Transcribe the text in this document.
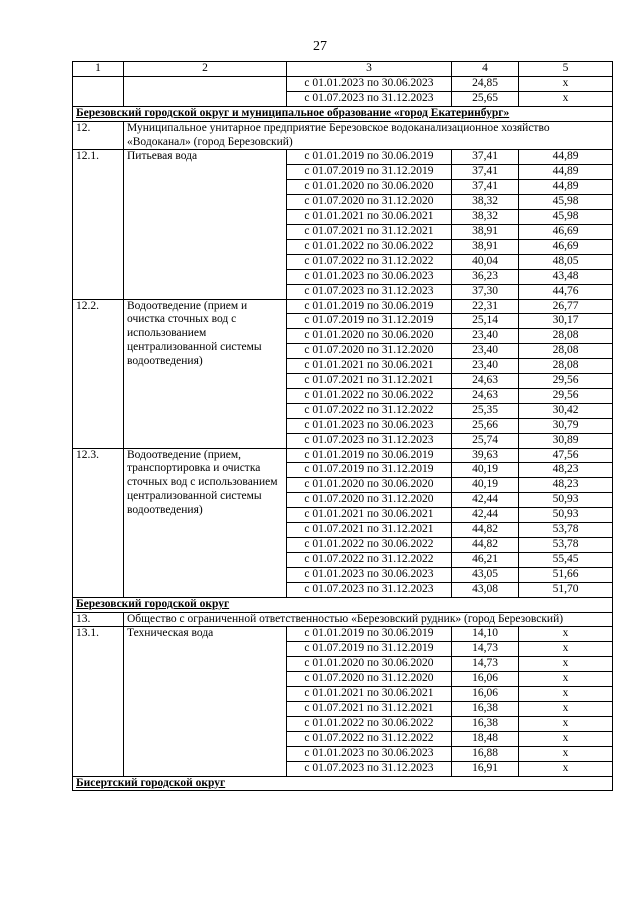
27
1	2	3	4	5
		с 01.01.2023 по 30.06.2023	24,85	х
		с 01.07.2023 по 31.12.2023	25,65	х
Березовский городской округ и муниципальное образование «город Екатеринбург»				
12.	Муниципальное унитарное предприятие Березовское водоканализационное хозяйство «Водоканал» (город Березовский)			
12.1.	Питьевая вода	с 01.01.2019 по 30.06.2019	37,41	44,89
		с 01.07.2019 по 31.12.2019	37,41	44,89
		с 01.01.2020 по 30.06.2020	37,41	44,89
		с 01.07.2020 по 31.12.2020	38,32	45,98
		с 01.01.2021 по 30.06.2021	38,32	45,98
		с 01.07.2021 по 31.12.2021	38,91	46,69
		с 01.01.2022 по 30.06.2022	38,91	46,69
		с 01.07.2022 по 31.12.2022	40,04	48,05
		с 01.01.2023 по 30.06.2023	36,23	43,48
		с 01.07.2023 по 31.12.2023	37,30	44,76
12.2.	Водоотведение (прием и очистка сточных вод с использованием централизованной системы водоотведения)	с 01.01.2019 по 30.06.2019	22,31	26,77
		с 01.07.2019 по 31.12.2019	25,14	30,17
		с 01.01.2020 по 30.06.2020	23,40	28,08
		с 01.07.2020 по 31.12.2020	23,40	28,08
		с 01.01.2021 по 30.06.2021	23,40	28,08
		с 01.07.2021 по 31.12.2021	24,63	29,56
		с 01.01.2022 по 30.06.2022	24,63	29,56
		с 01.07.2022 по 31.12.2022	25,35	30,42
		с 01.01.2023 по 30.06.2023	25,66	30,79
		с 01.07.2023 по 31.12.2023	25,74	30,89
12.3.	Водоотведение (прием, транспортировка и очистка сточных вод с использованием централизованной системы водоотведения)	с 01.01.2019 по 30.06.2019	39,63	47,56
		с 01.07.2019 по 31.12.2019	40,19	48,23
		с 01.01.2020 по 30.06.2020	40,19	48,23
		с 01.07.2020 по 31.12.2020	42,44	50,93
		с 01.01.2021 по 30.06.2021	42,44	50,93
		с 01.07.2021 по 31.12.2021	44,82	53,78
		с 01.01.2022 по 30.06.2022	44,82	53,78
		с 01.07.2022 по 31.12.2022	46,21	55,45
		с 01.01.2023 по 30.06.2023	43,05	51,66
		с 01.07.2023 по 31.12.2023	43,08	51,70
Березовский городской округ				
13.	Общество с ограниченной ответственностью «Березовский рудник» (город Березовский)			
13.1.	Техническая вода	с 01.01.2019 по 30.06.2019	14,10	х
		с 01.07.2019 по 31.12.2019	14,73	х
		с 01.01.2020 по 30.06.2020	14,73	х
		с 01.07.2020 по 31.12.2020	16,06	х
		с 01.01.2021 по 30.06.2021	16,06	х
		с 01.07.2021 по 31.12.2021	16,38	х
		с 01.01.2022 по 30.06.2022	16,38	х
		с 01.07.2022 по 31.12.2022	18,48	х
		с 01.01.2023 по 30.06.2023	16,88	х
		с 01.07.2023 по 31.12.2023	16,91	х
Бисертский городской округ				
